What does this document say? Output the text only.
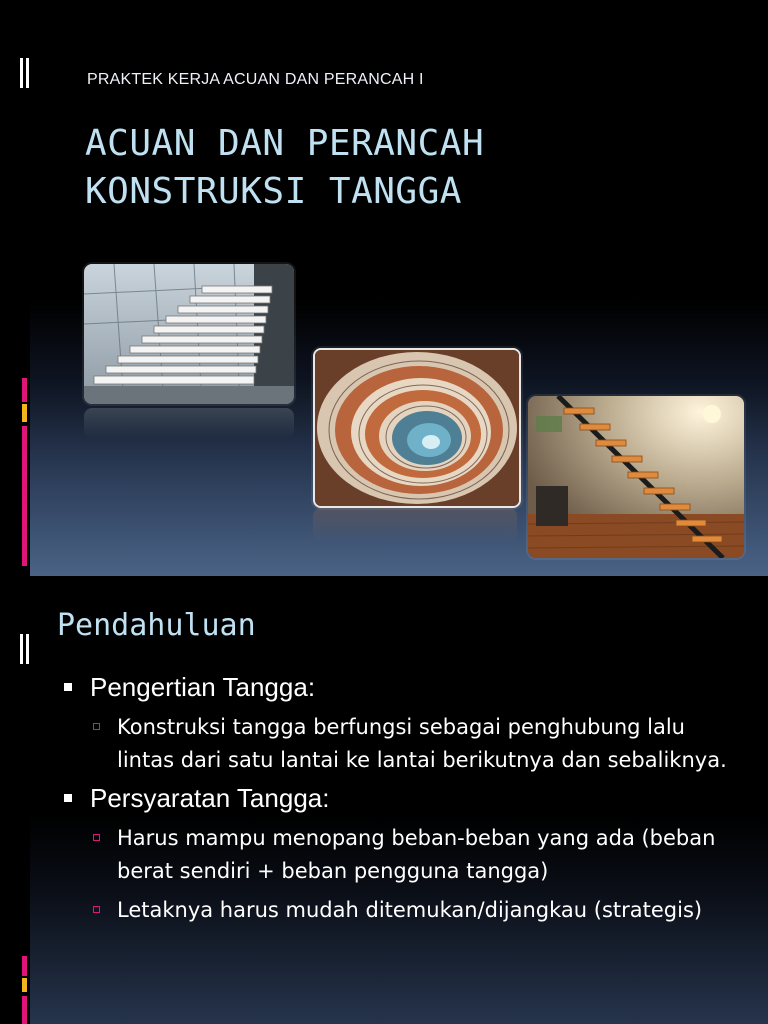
PRAKTEK KERJA ACUAN DAN PERANCAH I
ACUAN DAN PERANCAH
KONSTRUKSI TANGGA
Pendahuluan
Pengertian Tangga:
Konstruksi tangga berfungsi sebagai penghubung lalu lintas dari satu lantai ke lantai berikutnya dan sebaliknya.
Persyaratan Tangga:
Harus mampu menopang beban-beban yang ada (beban berat sendiri + beban pengguna tangga)
Letaknya harus mudah ditemukan/dijangkau (strategis)
